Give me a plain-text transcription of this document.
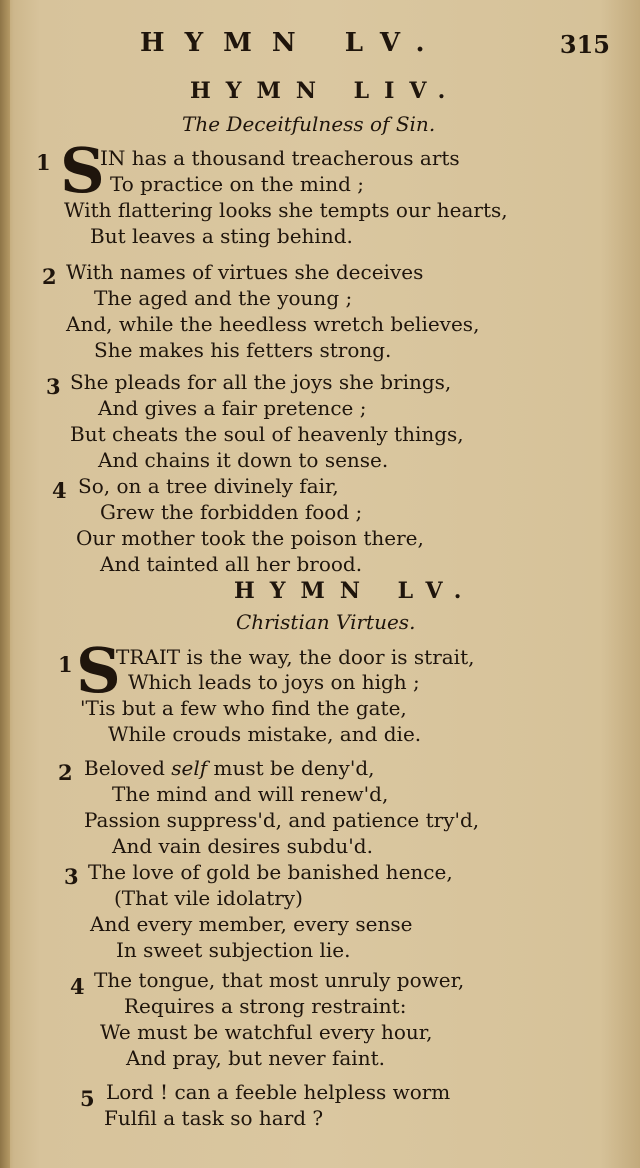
HYMN LV.	315
HYMN LIV.
The Deceitfulness of Sin.
1 S
IN has a thousand treacherous arts
To practice on the mind ;
With flattering looks she tempts our hearts,
But leaves a sting behind.
2 With names of virtues she deceives
The aged and the young ;
And, while the heedless wretch believes,
She makes his fetters strong.
3 She pleads for all the joys she brings,
And gives a fair pretence ;
But cheats the soul of heavenly things,
And chains it down to sense.
4 So, on a tree divinely fair,
Grew the forbidden food ;
Our mother took the poison there,
And tainted all her brood.
HYMN LV.
Christian Virtues.
1 S
TRAIT is the way, the door is strait,
Which leads to joys on high ;
'Tis but a few who find the gate,
While crouds mistake, and die.
2 Beloved self must be deny'd,
The mind and will renew'd,
Passion suppress'd, and patience try'd,
And vain desires subdu'd.
3 The love of gold be banished hence,
(That vile idolatry)
And every member, every sense
In sweet subjection lie.
4 The tongue, that most unruly power,
Requires a strong restraint:
We must be watchful every hour,
And pray, but never faint.
5 Lord ! can a feeble helpless worm
Fulfil a task so hard ?
